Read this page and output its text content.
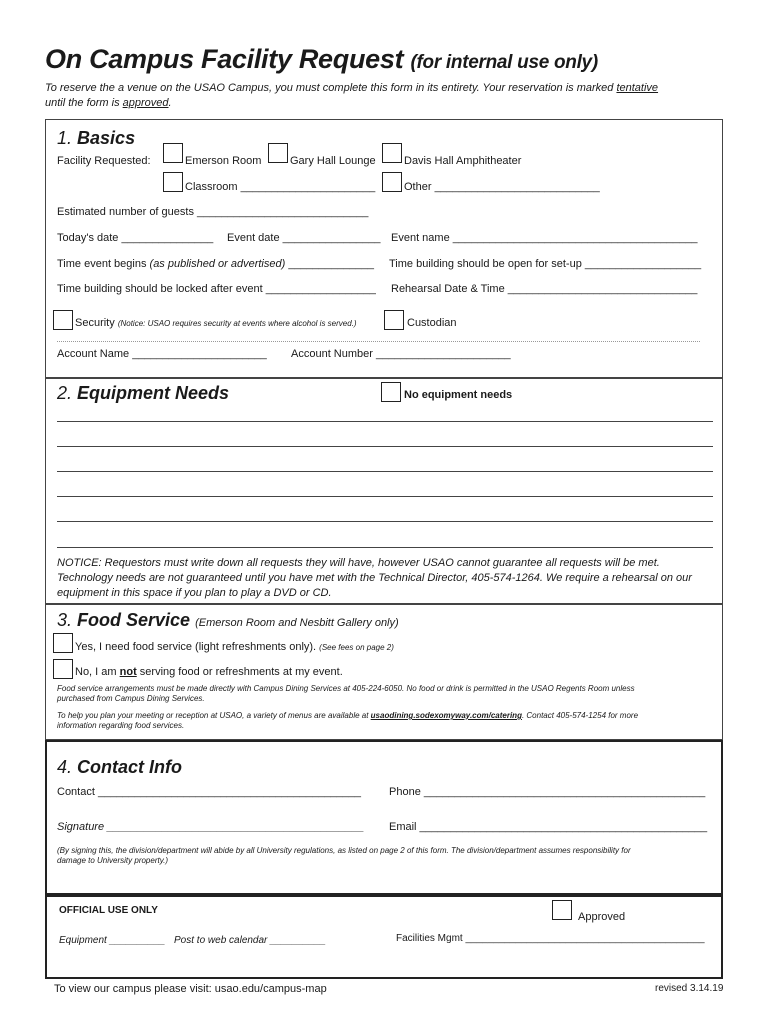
On Campus Facility Request (for internal use only)
To reserve the a venue on the USAO Campus, you must complete this form in its entirety. Your reservation is marked tentative
until the form is approved.
1. Basics
Facility Requested:	Emerson Room	Gary Hall Lounge	Davis Hall Amphitheater
Classroom ______________________	Other ___________________________
Estimated number of guests ____________________________
Today's date _______________ Event date ________________ Event name ________________________________________
Time event begins (as published or advertised) ______________ Time building should be open for set-up ___________________
Time building should be locked after event __________________ Rehearsal Date & Time _______________________________
Security (Notice: USAO requires security at events where alcohol is served.)	Custodian
Account Name ______________________ Account Number ______________________
2. Equipment Needs	No equipment needs
NOTICE: Requestors must write down all requests they will have, however USAO cannot guarantee all requests will be met.
Technology needs are not guaranteed until you have met with the Technical Director, 405-574-1264. We require a rehearsal on our
equipment in this space if you plan to play a DVD or CD.
3. Food Service (Emerson Room and Nesbitt Gallery only)
Yes, I need food service (light refreshments only). (See fees on page 2)
No, I am not serving food or refreshments at my event.
Food service arrangements must be made directly with Campus Dining Services at 405-224-6050. No food or drink is permitted in the USAO Regents Room unless
purchased from Campus Dining Services.
To help you plan your meeting or reception at USAO, a variety of menus are available at usaodining.sodexomyway.com/catering. Contact 405-574-1254 for more
information regarding food services.
4. Contact Info
Contact ___________________________________________	Phone ______________________________________________
Signature __________________________________________ Email _______________________________________________
(By signing this, the division/department will abide by all University regulations, as listed on page 2 of this form. The division/department assumes responsibility for
damage to University property.)
OFFICIAL USE ONLY
Approved
Equipment __________ Post to web calendar __________	Facilities Mgmt ___________________________________________
To view our campus please visit: usao.edu/campus-map	revised 3.14.19
